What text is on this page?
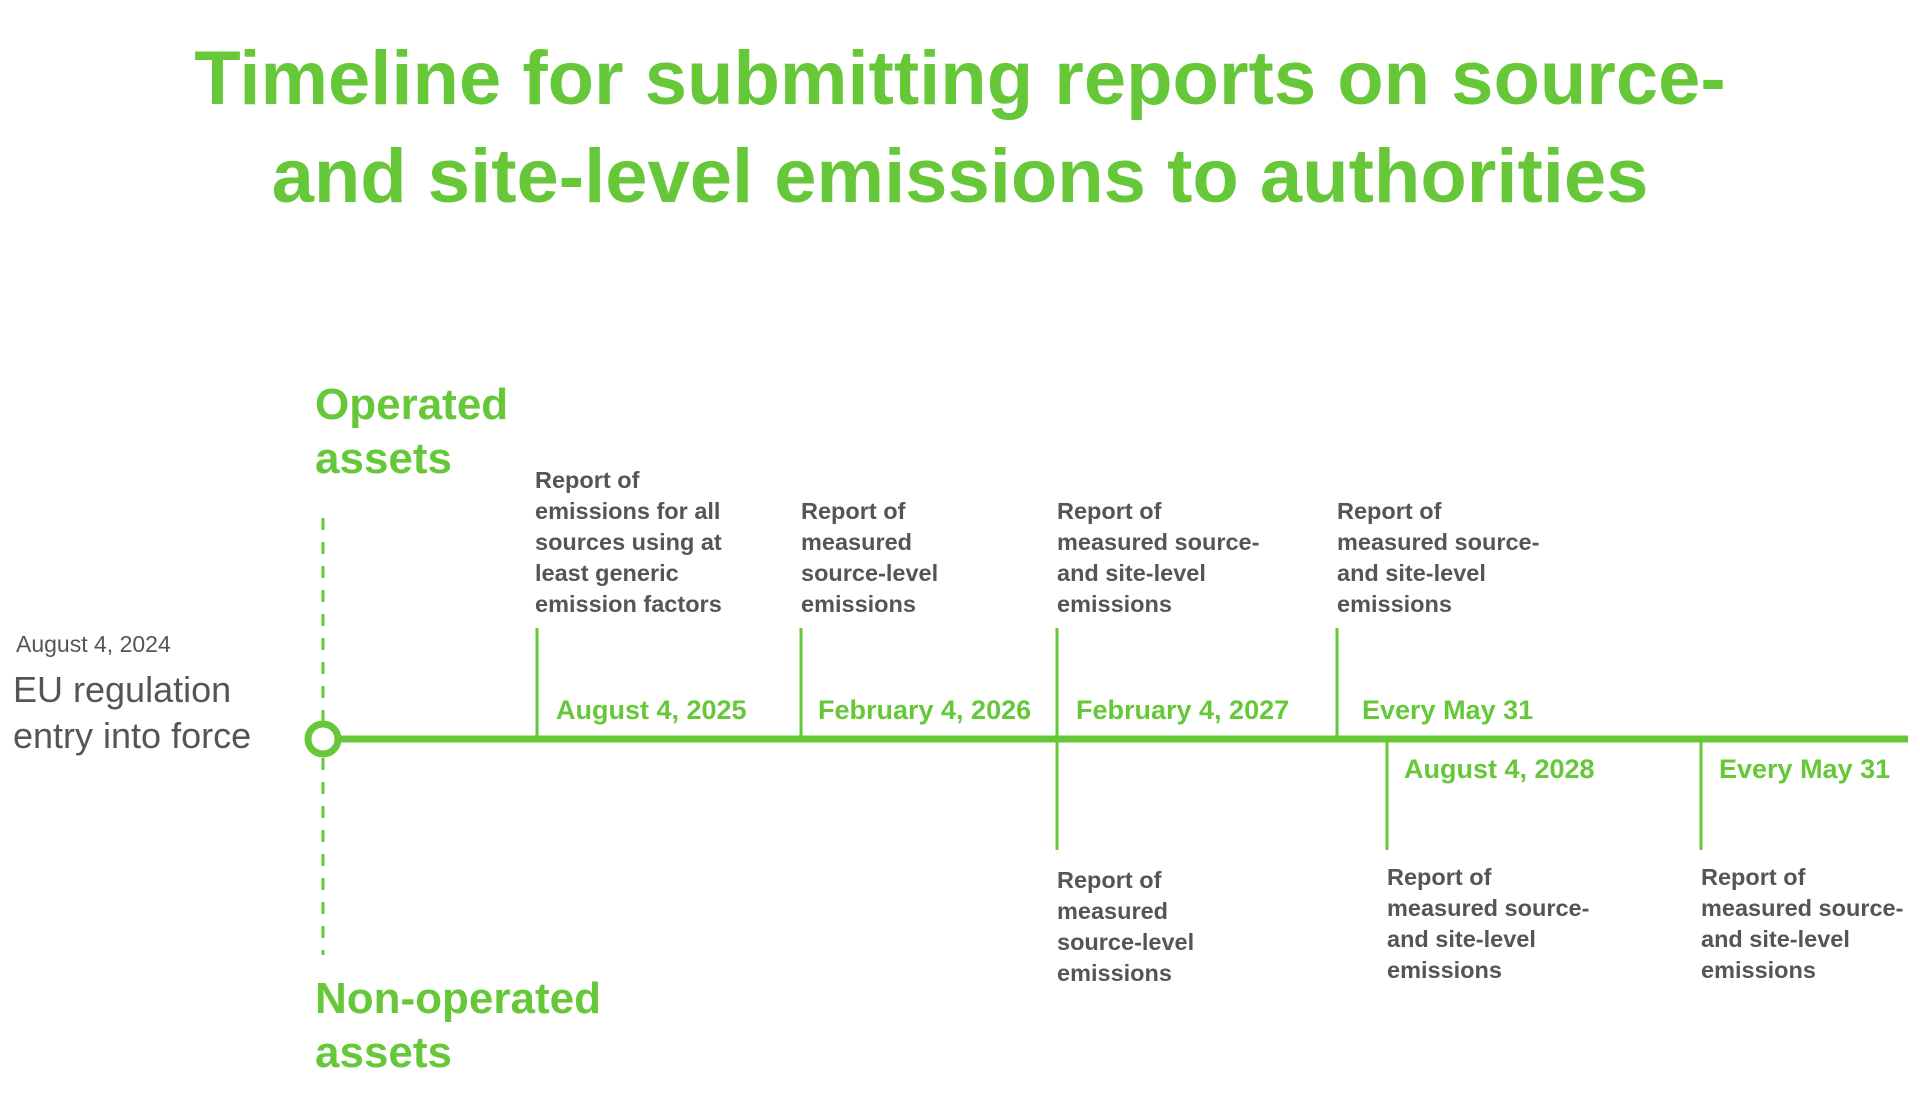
Timeline for submitting reports on source-
and site-level emissions to authorities
Operated
assets
Non-operated
assets
August 4, 2024
EU regulation
entry into force
Report of
emissions for all
sources using at
least generic
emission factors
Report of
measured
source-level
emissions
Report of
measured source-
and site-level
emissions
Report of
measured source-
and site-level
emissions
August 4, 2025	February 4, 2026 February 4, 2027	Every May 31
August 4, 2028	Every May 31
Report of
measured
source-level
emissions
Report of
measured source-
and site-level
emissions
Report of
measured source-
and site-level
emissions
